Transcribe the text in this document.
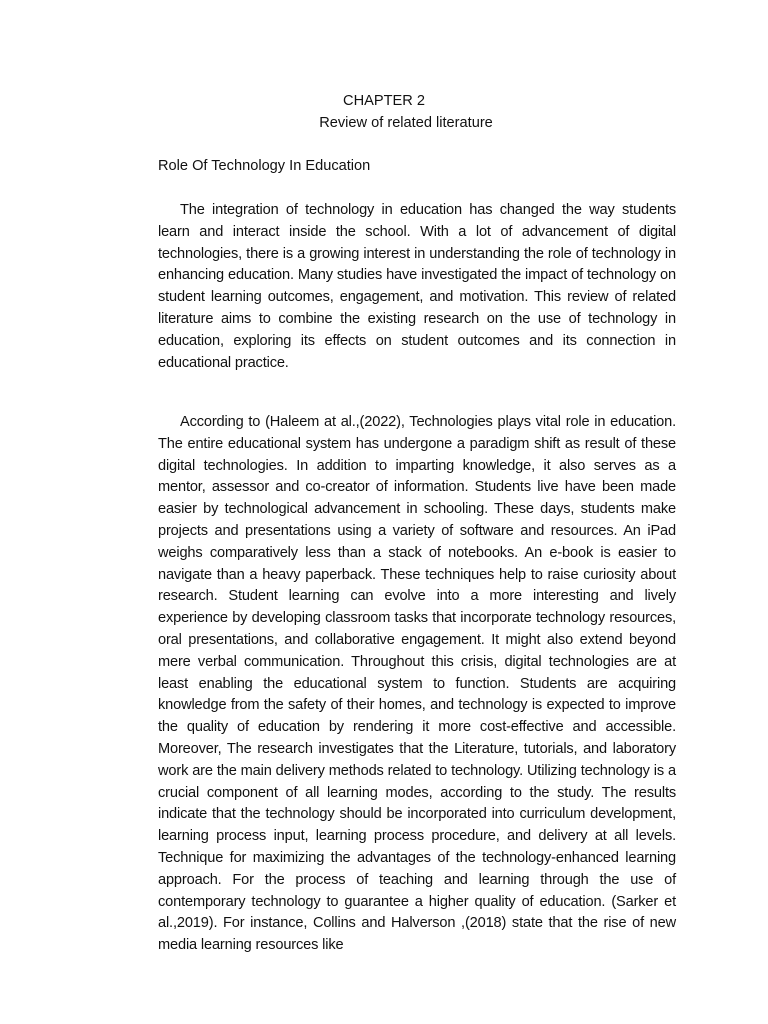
CHAPTER 2

Review of related literature

Role Of Technology In Education

The integration of technology in education has changed the way students learn and interact inside the school. With a lot of advancement of digital technologies, there is a growing interest in understanding the role of technology in enhancing education. Many studies have investigated the impact of technology on student learning outcomes, engagement, and motivation. This review of related literature aims to combine the existing research on the use of technology in education, exploring its effects on student outcomes and its connection in educational practice.

According to (Haleem at al.,(2022), Technologies plays vital role in education. The entire educational system has undergone a paradigm shift as result of these digital technologies. In addition to imparting knowledge, it also serves as a mentor, assessor and co-creator of information. Students live have been made easier by technological advancement in schooling. These days, students make projects and presentations using a variety of software and resources. An iPad weighs comparatively less than a stack of notebooks. An e-book is easier to navigate than a heavy paperback. These techniques help to raise curiosity about research. Student learning can evolve into a more interesting and lively experience by developing classroom tasks that incorporate technology resources, oral presentations, and collaborative engagement. It might also extend beyond mere verbal communication. Throughout this crisis, digital technologies are at least enabling the educational system to function. Students are acquiring knowledge from the safety of their homes, and technology is expected to improve the quality of education by rendering it more cost-effective and accessible. Moreover, The research investigates that the Literature, tutorials, and laboratory work are the main delivery methods related to technology. Utilizing technology is a crucial component of all learning modes, according to the study. The results indicate that the technology should be incorporated into curriculum development, learning process input, learning process procedure, and delivery at all levels. Technique for maximizing the advantages of the technology-enhanced learning approach. For the process of teaching and learning through the use of contemporary technology to guarantee a higher quality of education. (Sarker et al.,2019). For instance, Collins and Halverson ,(2018) state that the rise of new media learning resources like
